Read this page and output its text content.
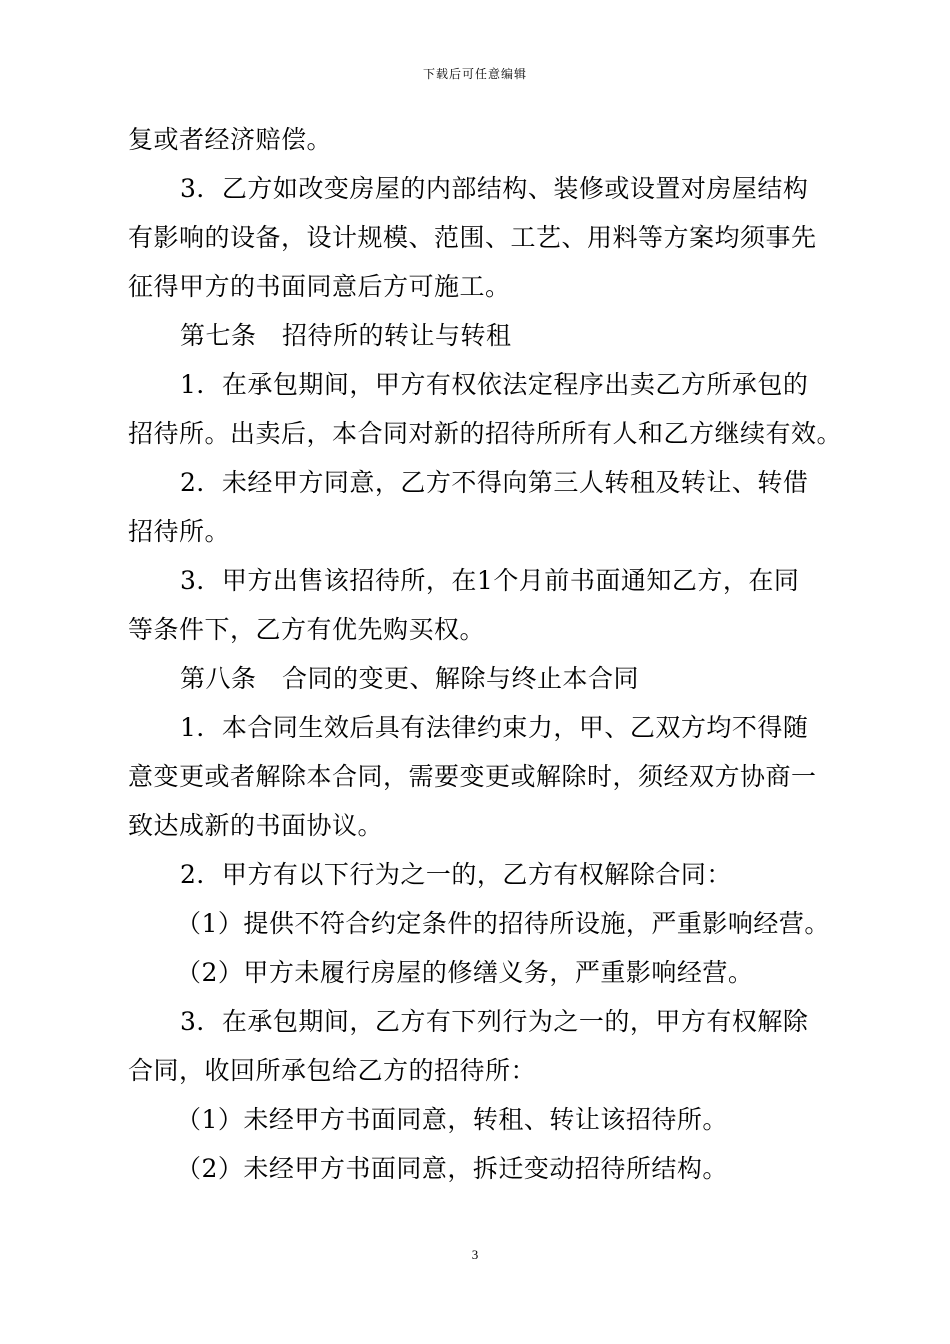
下载后可任意编辑
复或者经济赔偿。
3．乙方如改变房屋的内部结构、装修或设置对房屋结构
有影响的设备，设计规模、范围、工艺、用料等方案均须事先
征得甲方的书面同意后方可施工。
第七条　招待所的转让与转租
1．在承包期间，甲方有权依法定程序出卖乙方所承包的
招待所。出卖后，本合同对新的招待所所有人和乙方继续有效。
2．未经甲方同意，乙方不得向第三人转租及转让、转借
招待所。
3．甲方出售该招待所，在1个月前书面通知乙方，在同
等条件下，乙方有优先购买权。
第八条　合同的变更、解除与终止本合同
1．本合同生效后具有法律约束力，甲、乙双方均不得随
意变更或者解除本合同，需要变更或解除时，须经双方协商一
致达成新的书面协议。
2．甲方有以下行为之一的，乙方有权解除合同：
（1）提供不符合约定条件的招待所设施，严重影响经营。
（2）甲方未履行房屋的修缮义务，严重影响经营。
3．在承包期间，乙方有下列行为之一的，甲方有权解除
合同，收回所承包给乙方的招待所：
（1）未经甲方书面同意，转租、转让该招待所。
（2）未经甲方书面同意，拆迁变动招待所结构。
3
